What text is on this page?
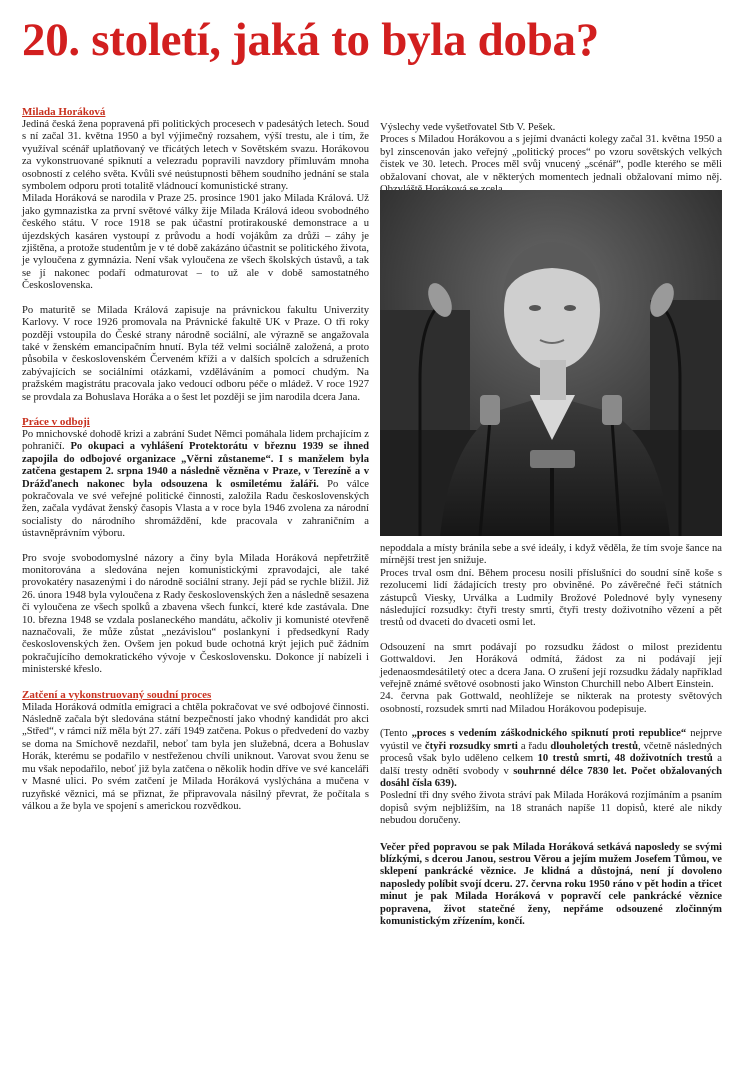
20. století, jaká to byla doba?
Milada Horáková

Jediná česká žena popravená při politických procesech v padesátých letech. Soud s ní začal 31. května 1950 a byl výjimečný rozsahem, výší trestu, ale i tím, že využíval scénář uplatňovaný ve třicátých letech v Sovětském svazu. Horákovou za vykonstruované spiknutí a velezradu popravili navzdory přímluvám mnoha osobností z celého světa. Kvůli své neústupnosti během soudního jednání se stala symbolem odporu proti totalitě vládnoucí komunistické strany.

Milada Horáková se narodila v Praze 25. prosince 1901 jako Milada Králová. Už jako gymnazistka za první světové války žije Milada Králová ideou svobodného českého státu. V roce 1918 se pak účastní protirakouské demonstrace a u újezdských kasáren vystoupí z průvodu a hodí vojákům za drůži – záhy je zjištěna, a protože studentům je v té době zakázáno účastnit se politického života, je vyloučena z gymnázia. Není však vyloučena ze všech školských ústavů, a tak se jí nakonec podaří odmaturovat – to už ale v době samostatného Československa.

Po maturitě se Milada Králová zapisuje na právnickou fakultu Univerzity Karlovy. V roce 1926 promovala na Právnické fakultě UK v Praze. O tři roky později vstoupila do České strany národně sociální, ale výrazně se angažovala také v ženském emancipačním hnutí. Byla též velmi sociálně založená, a proto působila v československém Červeném kříži a v dalších spolcích a sdruženích zabývajících se sociálními otázkami, vzděláváním a pomocí chudým. Na pražském magistrátu pracovala jako vedoucí odboru péče o mládež. V roce 1927 se provdala za Bohuslava Horáka a o šest let později se jim narodila dcera Jana.

Práce v odboji

Po mnichovské dohodě krizi a zabrání Sudet Němci pomáhala lidem prchajícím z pohraničí. Po okupaci a vyhlášení Protektorátu v březnu 1939 se ihned zapojila do odbojové organizace „Věrni zůstaneme“. I s manželem byla zatčena gestapem 2. srpna 1940 a následně vězněna v Praze, v Terezíně a v Drážďanech nakonec byla odsouzena k osmiletému žaláři. Po válce pokračovala ve své veřejné politické činnosti, založila Radu československých žen, začala vydávat ženský časopis Vlasta a v roce byla 1946 zvolena za národní socialisty do národního shromáždění, kde pracovala v zahraničním a ústavněprávním výboru.

Pro svoje svobodomyslné názory a činy byla Milada Horáková nepřetržitě monitorována a sledována nejen komunistickými zpravodajci, ale také provokatéry nasazenými i do národně sociální strany. Její pád se rychle blížil. Již 26. února 1948 byla vyloučena z Rady československých žen a následně sesazena či vyloučena ze všech spolků a zbavena všech funkcí, které kde zastávala. Dne 10. března 1948 se vzdala poslaneckého mandátu, ačkoliv ji komunisté otevřeně naznačovali, že může zůstat „nezávislou“ poslankyní i předsedkyní Rady československých žen. Ovšem jen pokud bude ochotná krýt jejich puč žádním pokračujícího demokratického vývoje v Československu. Dokonce jí nabízeli i ministerské křeslo.

Zatčení a vykonstruovaný soudní proces

Milada Horáková odmítla emigraci a chtěla pokračovat ve své odbojové činnosti. Následně začala být sledována státní bezpečností jako vhodný kandidát pro akci „Střed“, v rámci níž měla být 27. září 1949 zatčena. Pokus o předvedení do vazby se doma na Smíchově nezdařil, neboť tam byla jen služebná, dcera a Bohuslav Horák, kterému se podařilo v nestřeženou chvíli uniknout. Varovat svou ženu se mu však nepodařilo, neboť již byla zatčena o několik hodin dříve ve své kanceláři v Masné ulici. Po svém zatčení je Milada Horáková vyslýchána a mučena v ruzyňské věznici, má se přiznat, že připravovala násilný převrat, že počítala s válkou a že byla ve spojení s americkou rozvědkou.

Výslechy vede vyšetřovatel Stb V. Pešek.

Proces s Miladou Horákovou a s jejími dvanácti kolegy začal 31. května 1950 a byl zinscenován jako veřejný „politický proces“ po vzoru sovětských velkých čistek ve 30. letech. Proces měl svůj vnucený „scénář“, podle kterého se měli obžalovaní chovat, ale v některých momentech jednali obžalovaní mimo něj.

nepoddala a místy bránila sebe a své ideály, i když věděla, že tím svoje šance na mírnější trest jen snižuje.

Proces trval osm dní. Během procesu nosili příslušníci do soudní síně koše s rezolucemi lidí žádajících tresty pro obviněné. Po závěrečné řeči státních zástupců Viesky, Urválka a Ludmily Brožové Polednové byly vyneseny následující rozsudky: čtyři tresty smrti, čtyři tresty doživotního vězení a pět trestů od dvaceti do dvaceti osmi let.

Odsouzení na smrt podávají po rozsudku žádost o milost prezidentu Gottwaldovi. Jen Horáková odmítá, žádost za ni podávají její jedenaosmdesátiletý otec a dcera Jana. O zrušení její rozsudku žádaly například veřejně známé světové osobnosti jako Winston Churchill nebo Albert Einstein.

24. června pak Gottwald, neohlížeje se nikterak na protesty světových osobností, rozsudek smrti nad Miladou Horákovou podepisuje.

(Tento „proces s vedením záškodnického spiknutí proti republice“ nejprve vyústil ve čtyři rozsudky smrti a řadu dlouholetých trestů, včetně následných procesů však bylo uděleno celkem 10 trestů smrti, 48 doživotních trestů a další tresty odnětí svobody v souhrnné délce 7830 let. Počet obžalovaných dosáhl čísla 639).

Poslední tři dny svého života stráví pak Milada Horáková rozjímáním a psaním dopisů svým nejbližším, na 18 stranách napíše 11 dopisů, které ale nikdy nebudou doručeny.

Večer před popravou se pak Milada Horáková setkává naposledy se svými blízkými, s dcerou Janou, sestrou Věrou a jejím mužem Josefem Tůmou, ve sklepení pankrácké věznice. Je klidná a důstojná, není jí dovoleno naposledy políbit svojí dceru. 27. června roku 1950 ráno v pět hodin a třicet minut je pak Milada Horáková v popravčí cele pankrácké věznice popravena, život statečné ženy, nepřáme odsouzené zločinným komunistickým zřízením, končí.
